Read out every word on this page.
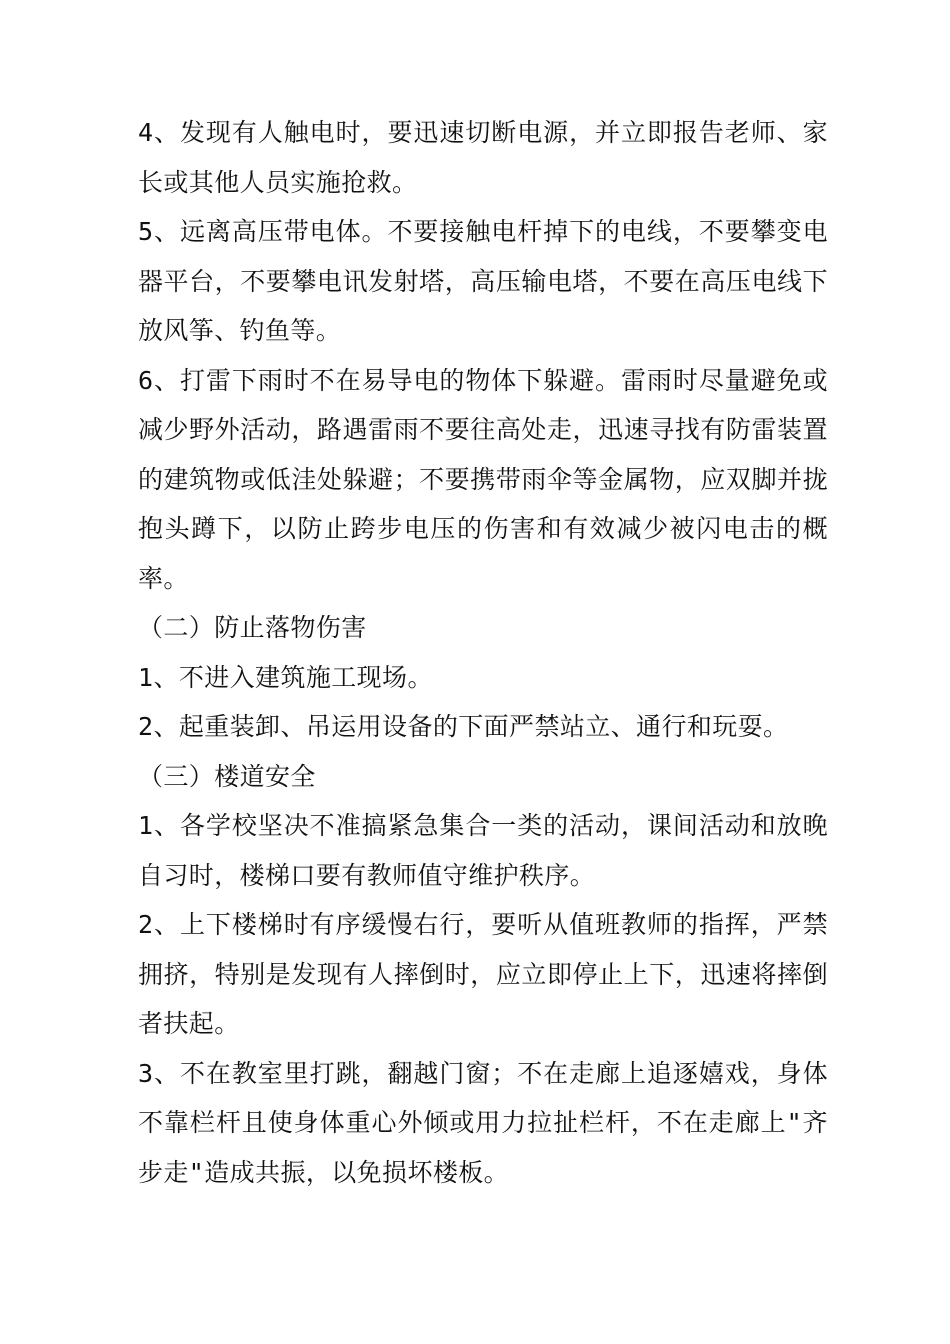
4、发现有人触电时，要迅速切断电源，并立即报告老师、家长或其他人员实施抢救。

5、远离高压带电体。不要接触电杆掉下的电线，不要攀变电器平台，不要攀电讯发射塔，高压输电塔，不要在高压电线下放风筝、钓鱼等。

6、打雷下雨时不在易导电的物体下躲避。雷雨时尽量避免或减少野外活动，路遇雷雨不要往高处走，迅速寻找有防雷装置的建筑物或低洼处躲避；不要携带雨伞等金属物，应双脚并拢抱头蹲下，以防止跨步电压的伤害和有效减少被闪电击的概率。

（二）防止落物伤害

1、不进入建筑施工现场。

2、起重装卸、吊运用设备的下面严禁站立、通行和玩耍。

（三）楼道安全

1、各学校坚决不准搞紧急集合一类的活动，课间活动和放晚自习时，楼梯口要有教师值守维护秩序。

2、上下楼梯时有序缓慢右行，要听从值班教师的指挥，严禁拥挤，特别是发现有人摔倒时，应立即停止上下，迅速将摔倒者扶起。

3、不在教室里打跳，翻越门窗；不在走廊上追逐嬉戏，身体不靠栏杆且使身体重心外倾或用力拉扯栏杆，不在走廊上"齐步走"造成共振，以免损坏楼板。
